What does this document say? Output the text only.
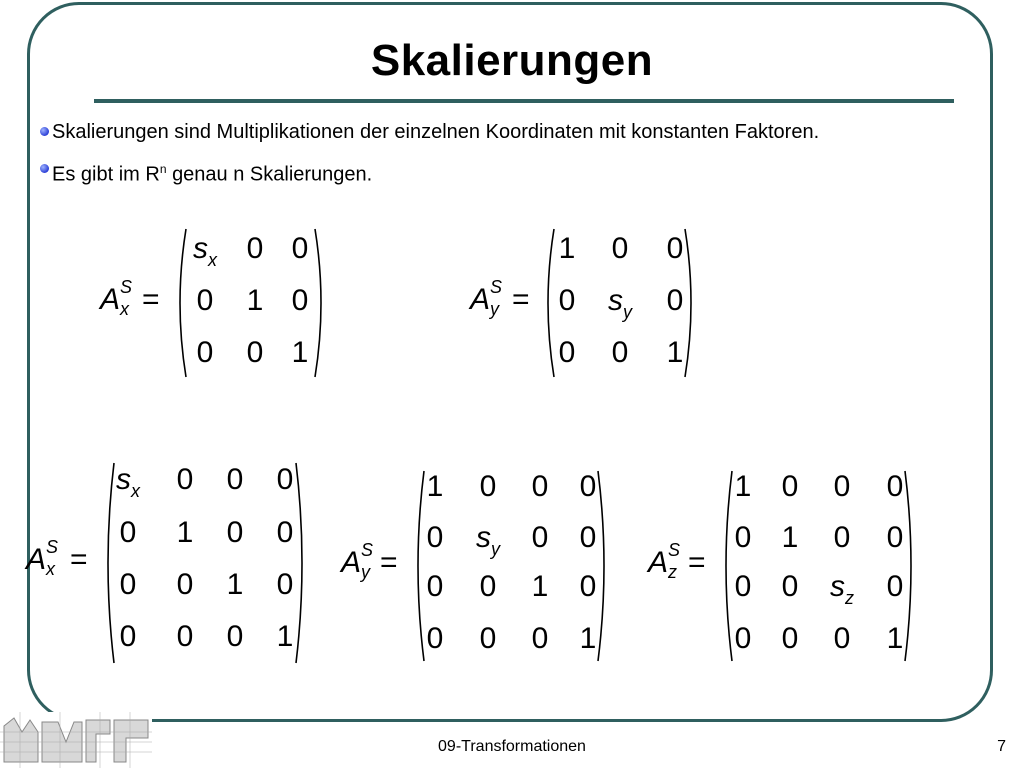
Skalierungen
Skalierungen sind Multiplikationen der einzelnen Koordinaten mit konstanten Faktoren.
Es gibt im $R^n$ genau n Skalierungen.
09-Transformationen	7
A S
x =
$s_x$ 0 0
0	1 0
0	0 1
A S
y =
1	0	0
0	$s_y$	0
0	0	1
A S
x =
$s_x$	0	0	0
0	1	0	0
0	0	1	0
0	0	0	1
A S
y =
1	0	0	0
0	$s_y$	0	0
0	0	1	0
0	0	0	1
A S
z =
1	0	0	0
0	1	0	0
0	0	$s_z$	0
0	0	0	1
